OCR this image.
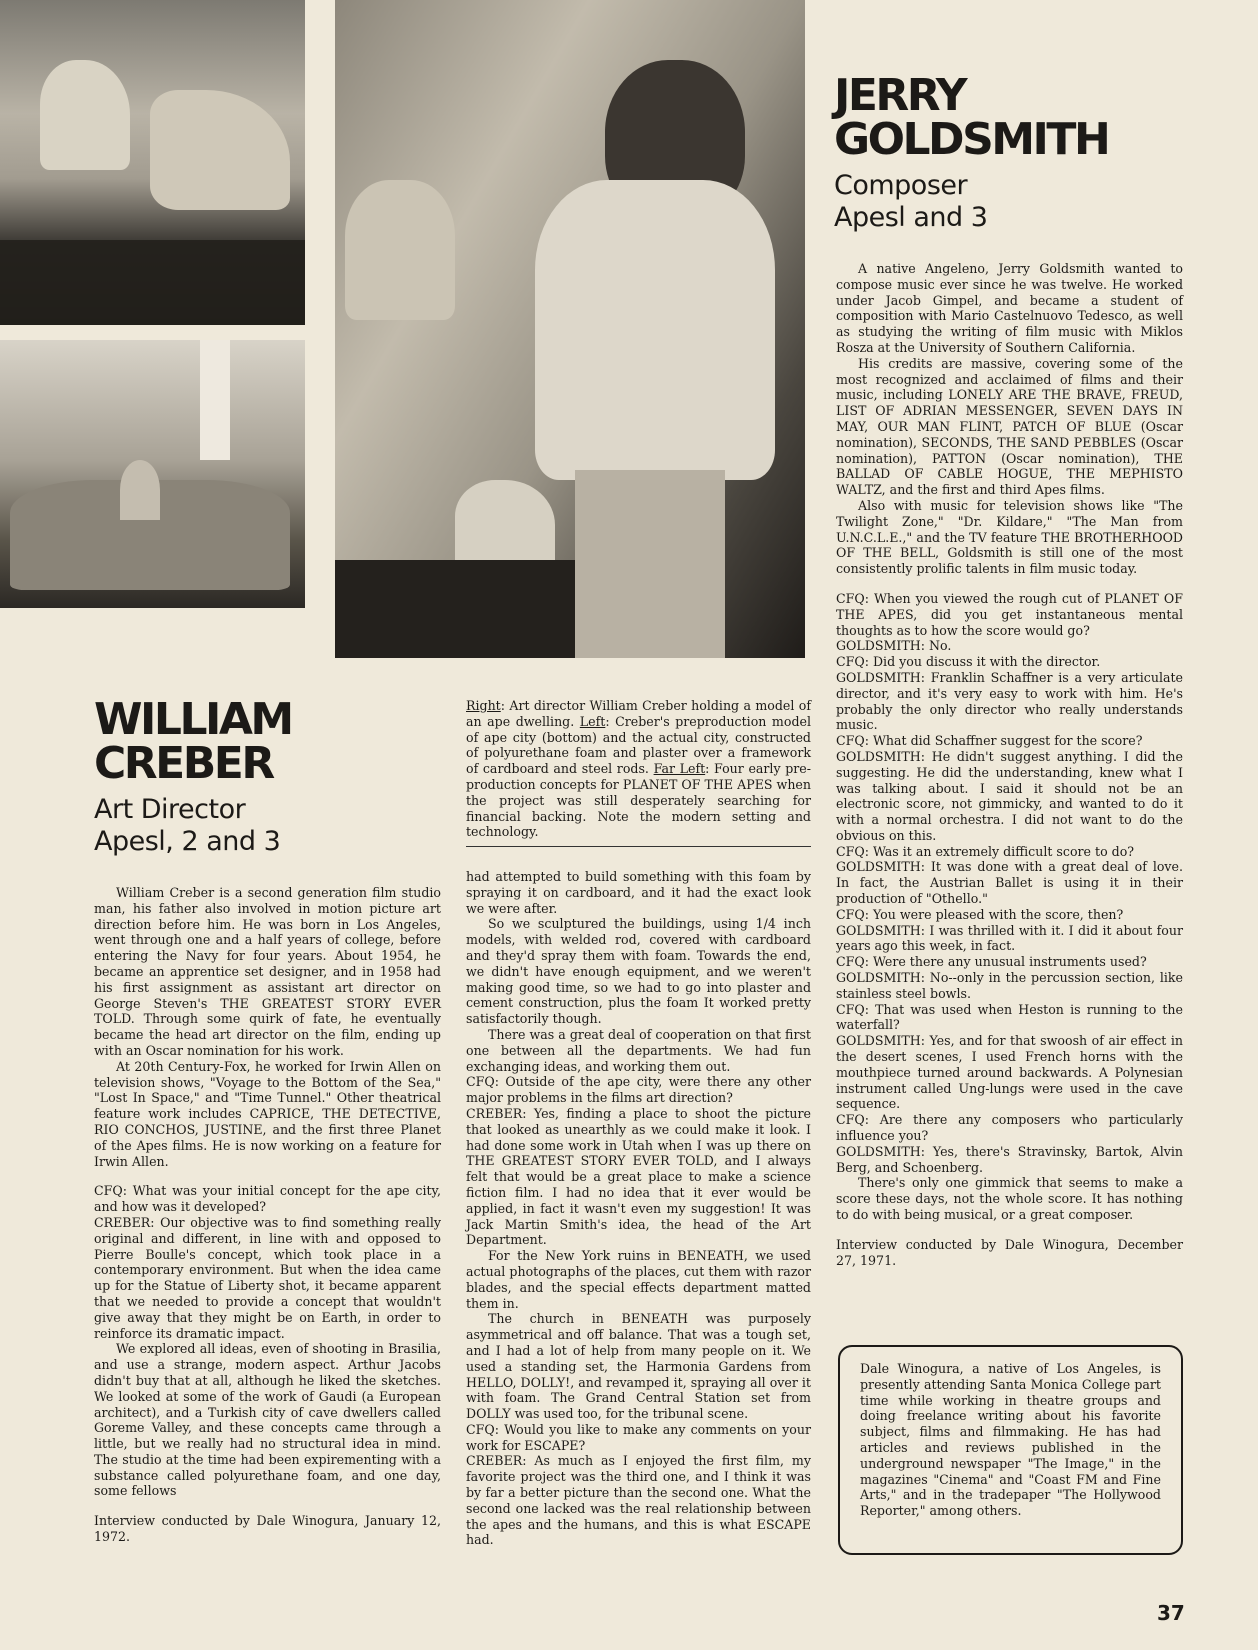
JERRY
GOLDSMITH
Composer
Apesl and 3

A native Angeleno, Jerry Goldsmith wanted to compose music ever since he was twelve. He worked under Jacob Gimpel, and became a student of composition with Mario Castelnuovo Tedesco, as well as studying the writing of film music with Miklos Rosza at the University of Southern California.

His credits are massive, covering some of the most recognized and acclaimed of films and their music, including LONELY ARE THE BRAVE, FREUD, LIST OF ADRIAN MESSENGER, SEVEN DAYS IN MAY, OUR MAN FLINT, PATCH OF BLUE (Oscar nomination), SECONDS, THE SAND PEBBLES (Oscar nomination), PATTON (Oscar nomination), THE BALLAD OF CABLE HOGUE, THE MEPHISTO WALTZ, and the first and third Apes films.

Also with music for television shows like "The Twilight Zone," "Dr. Kildare," "The Man from U.N.C.L.E.," and the TV feature THE BROTHERHOOD OF THE BELL, Goldsmith is still one of the most consistently prolific talents in film music today.

CFQ: When you viewed the rough cut of PLANET OF THE APES, did you get instantaneous mental thoughts as to how the score would go?

GOLDSMITH: No.

CFQ: Did you discuss it with the director.

GOLDSMITH: Franklin Schaffner is a very articulate director, and it's very easy to work with him. He's probably the only director who really understands music.

CFQ: What did Schaffner suggest for the score?

GOLDSMITH: He didn't suggest anything. I did the suggesting. He did the understanding, knew what I was talking about. I said it should not be an electronic score, not gimmicky, and wanted to do it with a normal orchestra. I did not want to do the obvious on this.

CFQ: Was it an extremely difficult score to do?

GOLDSMITH: It was done with a great deal of love. In fact, the Austrian Ballet is using it in their production of "Othello."

CFQ: You were pleased with the score, then?

GOLDSMITH: I was thrilled with it. I did it about four years ago this week, in fact.

CFQ: Were there any unusual instruments used?

GOLDSMITH: No--only in the percussion section, like stainless steel bowls.

CFQ: That was used when Heston is running to the waterfall?

GOLDSMITH: Yes, and for that swoosh of air effect in the desert scenes, I used French horns with the mouthpiece turned around backwards. A Polynesian instrument called Ung-lungs were used in the cave sequence.

CFQ: Are there any composers who particularly influence you?

GOLDSMITH: Yes, there's Stravinsky, Bartok, Alvin Berg, and Schoenberg.

There's only one gimmick that seems to make a score these days, not the whole score. It has nothing to do with being musical, or a great composer.

Interview conducted by Dale Winogura, December 27, 1971.

Dale Winogura, a native of Los Angeles, is presently attending Santa Monica College part time while working in theatre groups and doing freelance writing about his favorite subject, films and filmmaking. He has had articles and reviews published in the underground newspaper "The Image," in the magazines "Cinema" and "Coast FM and Fine Arts," and in the tradepaper "The Hollywood Reporter," among others.
Right: Art director William Creber holding a model of an ape dwelling. Left: Creber's preproduction model of ape city (bottom) and the actual city, constructed of polyurethane foam and plaster over a framework of cardboard and steel rods. Far Left: Four early pre-production concepts for PLANET OF THE APES when the project was still desperately searching for financial backing. Note the modern setting and technology.
WILLIAM
CREBER
Art Director
Apesl, 2 and 3

William Creber is a second generation film studio man, his father also involved in motion picture art direction before him. He was born in Los Angeles, went through one and a half years of college, before entering the Navy for four years. About 1954, he became an apprentice set designer, and in 1958 had his first assignment as assistant art director on George Steven's THE GREATEST STORY EVER TOLD. Through some quirk of fate, he eventually became the head art director on the film, ending up with an Oscar nomination for his work.

At 20th Century-Fox, he worked for Irwin Allen on television shows, "Voyage to the Bottom of the Sea," "Lost In Space," and "Time Tunnel." Other theatrical feature work includes CAPRICE, THE DETECTIVE, RIO CONCHOS, JUSTINE, and the first three Planet of the Apes films. He is now working on a feature for Irwin Allen.

CFQ: What was your initial concept for the ape city, and how was it developed?

CREBER: Our objective was to find something really original and different, in line with and opposed to Pierre Boulle's concept, which took place in a contemporary environment. But when the idea came up for the Statue of Liberty shot, it became apparent that we needed to provide a concept that wouldn't give away that they might be on Earth, in order to reinforce its dramatic impact.

We explored all ideas, even of shooting in Brasilia, and use a strange, modern aspect. Arthur Jacobs didn't buy that at all, although he liked the sketches. We looked at some of the work of Gaudi (a European architect), and a Turkish city of cave dwellers called Goreme Valley, and these concepts came through a little, but we really had no structural idea in mind. The studio at the time had been expirementing with a substance called polyurethane foam, and one day, some fellows

Interview conducted by Dale Winogura, January 12, 1972.

had attempted to build something with this foam by spraying it on cardboard, and it had the exact look we were after.

So we sculptured the buildings, using 1/4 inch models, with welded rod, covered with cardboard and they'd spray them with foam. Towards the end, we didn't have enough equipment, and we weren't making good time, so we had to go into plaster and cement construction, plus the foam It worked pretty satisfactorily though.

There was a great deal of cooperation on that first one between all the departments. We had fun exchanging ideas, and working them out.

CFQ: Outside of the ape city, were there any other major problems in the films art direction?

CREBER: Yes, finding a place to shoot the picture that looked as unearthly as we could make it look. I had done some work in Utah when I was up there on THE GREATEST STORY EVER TOLD, and I always felt that would be a great place to make a science fiction film. I had no idea that it ever would be applied, in fact it wasn't even my suggestion! It was Jack Martin Smith's idea, the head of the Art Department.

For the New York ruins in BENEATH, we used actual photographs of the places, cut them with razor blades, and the special effects department matted them in.

The church in BENEATH was purposely asymmetrical and off balance. That was a tough set, and I had a lot of help from many people on it. We used a standing set, the Harmonia Gardens from HELLO, DOLLY!, and revamped it, spraying all over it with foam. The Grand Central Station set from DOLLY was used too, for the tribunal scene.

CFQ: Would you like to make any comments on your work for ESCAPE?

CREBER: As much as I enjoyed the first film, my favorite project was the third one, and I think it was by far a better picture than the second one. What the second one lacked was the real relationship between the apes and the humans, and this is what ESCAPE had.

37
